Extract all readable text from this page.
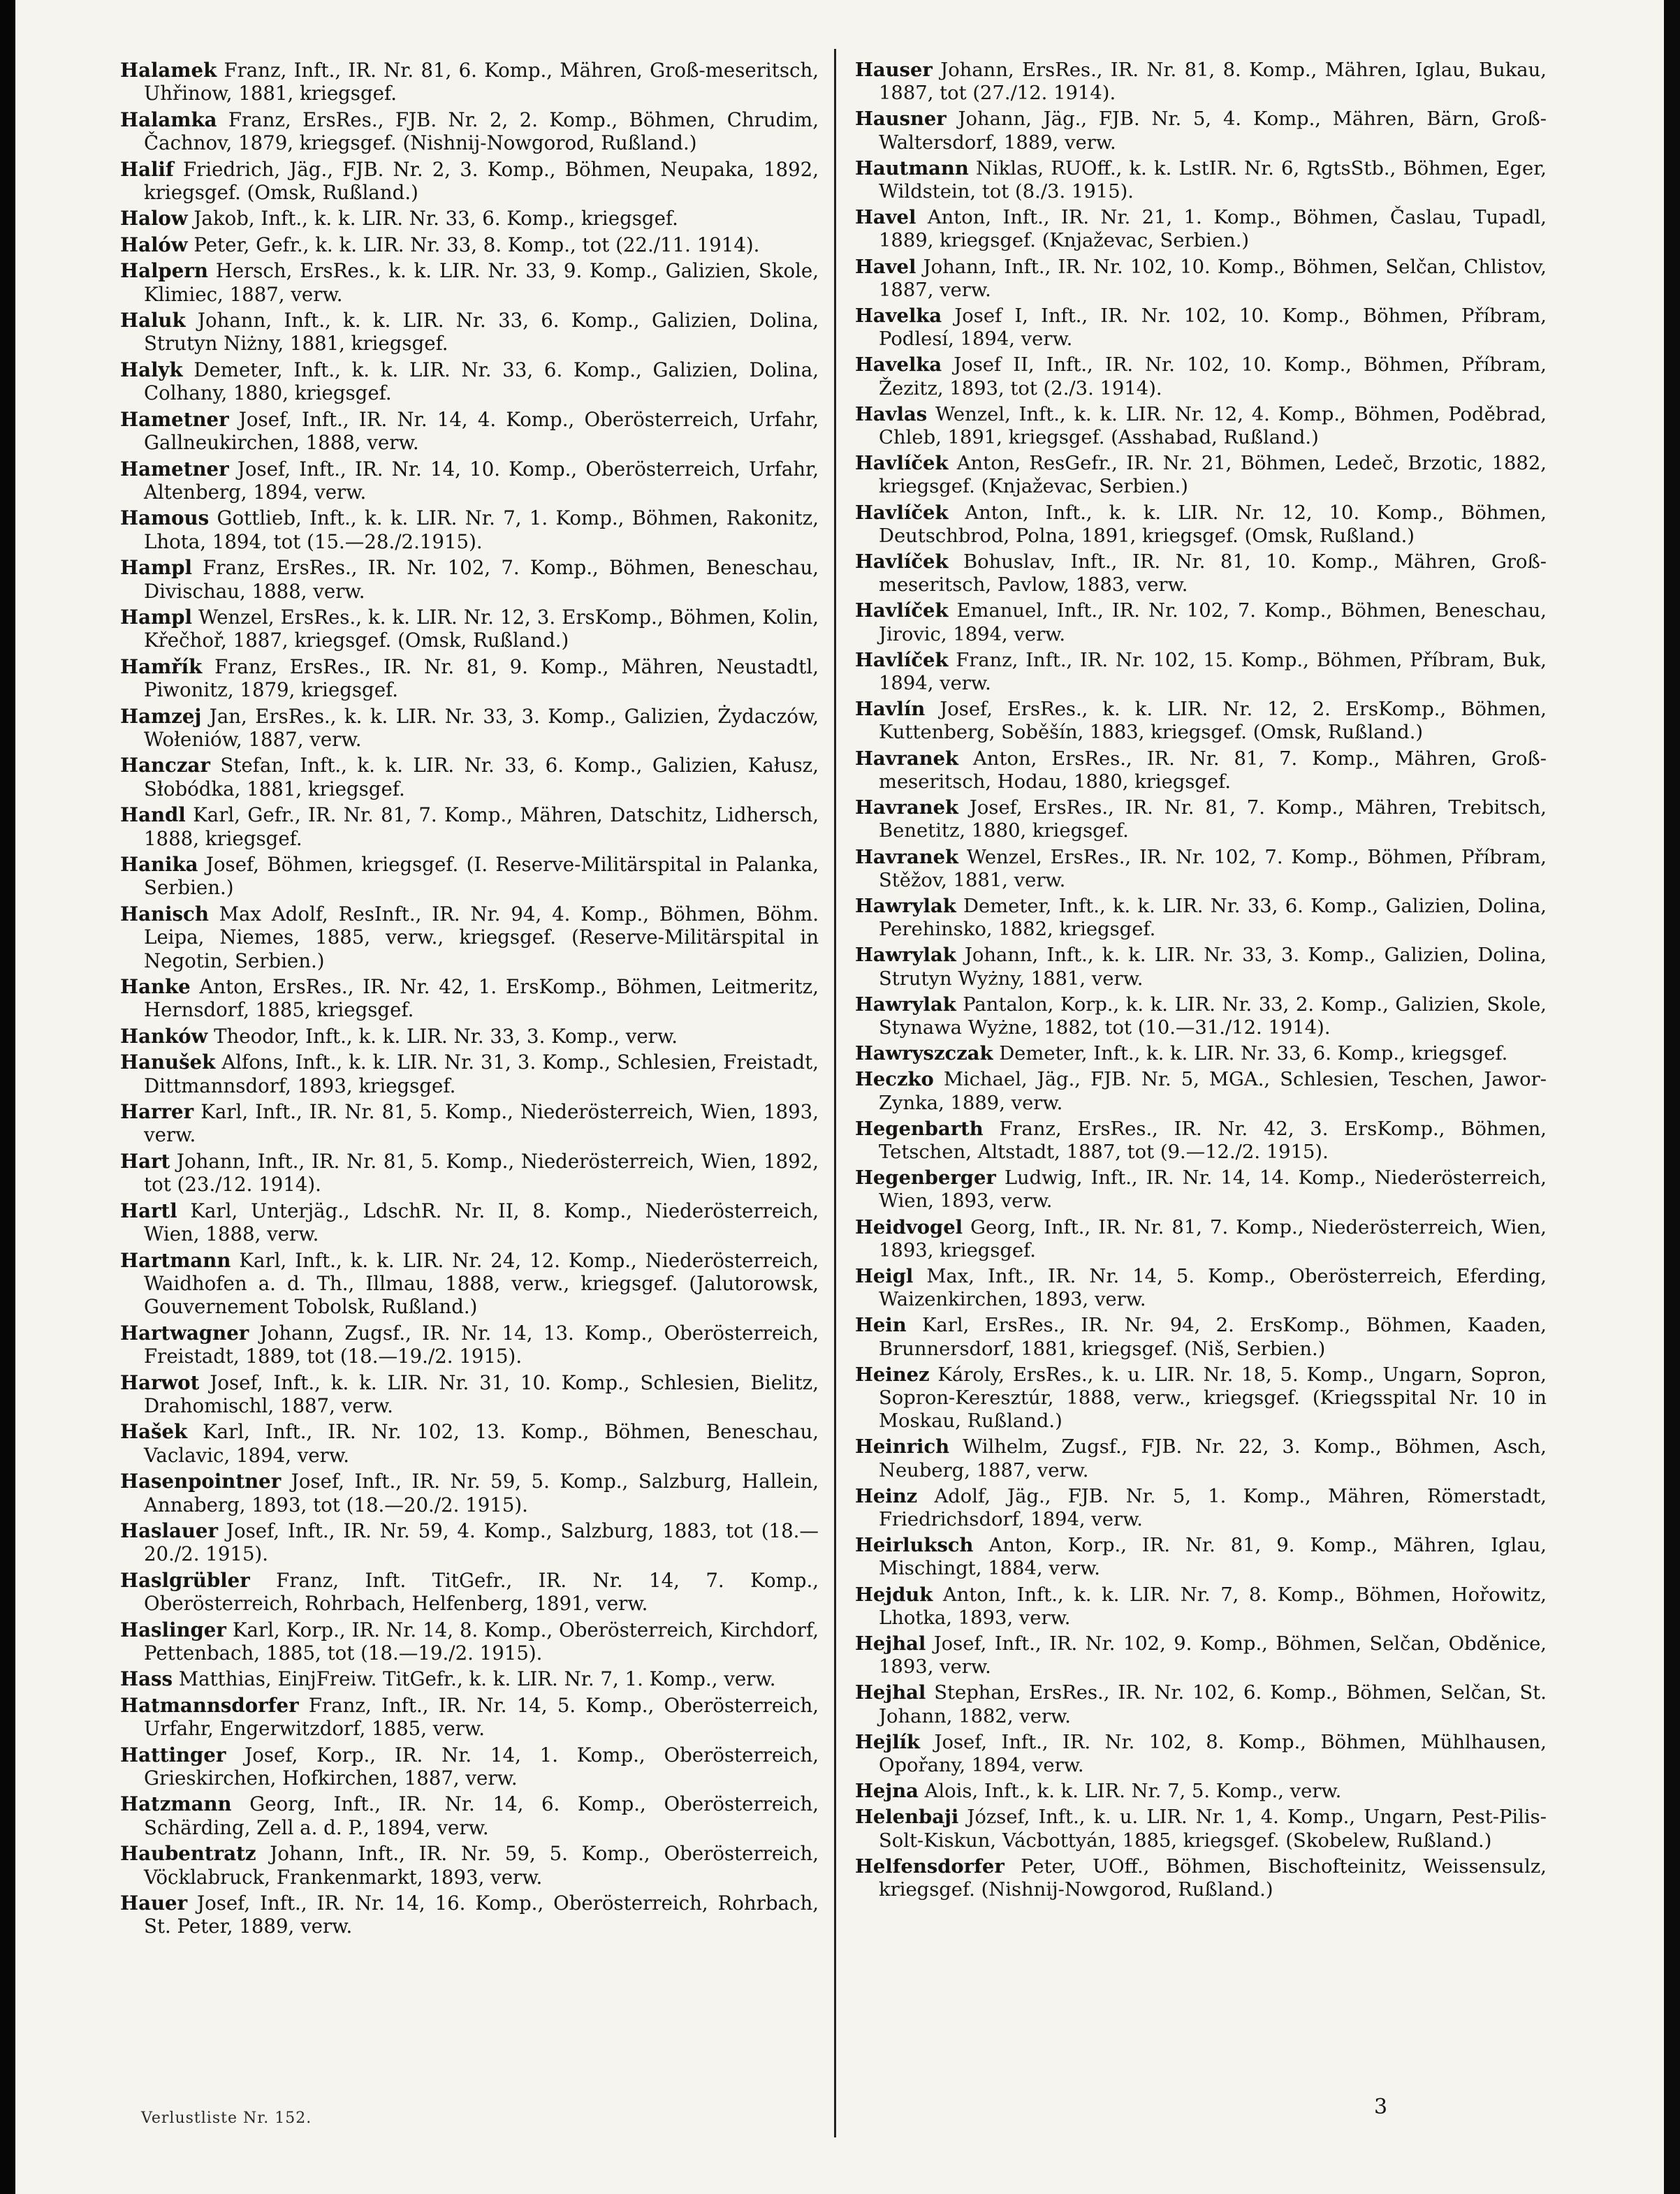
Halamek Franz, Inft., IR. Nr. 81, 6. Komp., Mähren, Groß-meseritsch, Uhřinow, 1881, kriegsgef.

Halamka Franz, ErsRes., FJB. Nr. 2, 2. Komp., Böhmen, Chrudim, Čachnov, 1879, kriegsgef. (Nishnij-Nowgorod, Rußland.)

Halif Friedrich, Jäg., FJB. Nr. 2, 3. Komp., Böhmen, Neupaka, 1892, kriegsgef. (Omsk, Rußland.)

Halow Jakob, Inft., k. k. LIR. Nr. 33, 6. Komp., kriegsgef.

Halów Peter, Gefr., k. k. LIR. Nr. 33, 8. Komp., tot (22./11. 1914).

Halpern Hersch, ErsRes., k. k. LIR. Nr. 33, 9. Komp., Galizien, Skole, Klimiec, 1887, verw.

Haluk Johann, Inft., k. k. LIR. Nr. 33, 6. Komp., Galizien, Dolina, Strutyn Niżny, 1881, kriegsgef.

Halyk Demeter, Inft., k. k. LIR. Nr. 33, 6. Komp., Galizien, Dolina, Colhany, 1880, kriegsgef.

Hametner Josef, Inft., IR. Nr. 14, 4. Komp., Oberösterreich, Urfahr, Gallneukirchen, 1888, verw.

Hametner Josef, Inft., IR. Nr. 14, 10. Komp., Oberösterreich, Urfahr, Altenberg, 1894, verw.

Hamous Gottlieb, Inft., k. k. LIR. Nr. 7, 1. Komp., Böhmen, Rakonitz, Lhota, 1894, tot (15.—28./2.1915).

Hampl Franz, ErsRes., IR. Nr. 102, 7. Komp., Böhmen, Beneschau, Divischau, 1888, verw.

Hampl Wenzel, ErsRes., k. k. LIR. Nr. 12, 3. ErsKomp., Böhmen, Kolin, Křečhoř, 1887, kriegsgef. (Omsk, Rußland.)

Hamřík Franz, ErsRes., IR. Nr. 81, 9. Komp., Mähren, Neustadtl, Piwonitz, 1879, kriegsgef.

Hamzej Jan, ErsRes., k. k. LIR. Nr. 33, 3. Komp., Galizien, Żydaczów, Wołeniów, 1887, verw.

Hanczar Stefan, Inft., k. k. LIR. Nr. 33, 6. Komp., Galizien, Kałusz, Słobódka, 1881, kriegsgef.

Handl Karl, Gefr., IR. Nr. 81, 7. Komp., Mähren, Datschitz, Lidhersch, 1888, kriegsgef.

Hanika Josef, Böhmen, kriegsgef. (I. Reserve-Militärspital in Palanka, Serbien.)

Hanisch Max Adolf, ResInft., IR. Nr. 94, 4. Komp., Böhmen, Böhm. Leipa, Niemes, 1885, verw., kriegsgef. (Reserve-Militärspital in Negotin, Serbien.)

Hanke Anton, ErsRes., IR. Nr. 42, 1. ErsKomp., Böhmen, Leitmeritz, Hernsdorf, 1885, kriegsgef.

Hanków Theodor, Inft., k. k. LIR. Nr. 33, 3. Komp., verw.

Hanušek Alfons, Inft., k. k. LIR. Nr. 31, 3. Komp., Schlesien, Freistadt, Dittmannsdorf, 1893, kriegsgef.

Harrer Karl, Inft., IR. Nr. 81, 5. Komp., Niederösterreich, Wien, 1893, verw.

Hart Johann, Inft., IR. Nr. 81, 5. Komp., Niederösterreich, Wien, 1892, tot (23./12. 1914).

Hartl Karl, Unterjäg., LdschR. Nr. II, 8. Komp., Niederösterreich, Wien, 1888, verw.

Hartmann Karl, Inft., k. k. LIR. Nr. 24, 12. Komp., Niederösterreich, Waidhofen a. d. Th., Illmau, 1888, verw., kriegsgef. (Jalutorowsk, Gouvernement Tobolsk, Rußland.)

Hartwagner Johann, Zugsf., IR. Nr. 14, 13. Komp., Oberösterreich, Freistadt, 1889, tot (18.—19./2. 1915).

Harwot Josef, Inft., k. k. LIR. Nr. 31, 10. Komp., Schlesien, Bielitz, Drahomischl, 1887, verw.

Hašek Karl, Inft., IR. Nr. 102, 13. Komp., Böhmen, Beneschau, Vaclavic, 1894, verw.

Hasenpointner Josef, Inft., IR. Nr. 59, 5. Komp., Salzburg, Hallein, Annaberg, 1893, tot (18.—20./2. 1915).

Haslauer Josef, Inft., IR. Nr. 59, 4. Komp., Salzburg, 1883, tot (18.—20./2. 1915).

Haslgrübler Franz, Inft. TitGefr., IR. Nr. 14, 7. Komp., Oberösterreich, Rohrbach, Helfenberg, 1891, verw.

Haslinger Karl, Korp., IR. Nr. 14, 8. Komp., Oberösterreich, Kirchdorf, Pettenbach, 1885, tot (18.—19./2. 1915).

Hass Matthias, EinjFreiw. TitGefr., k. k. LIR. Nr. 7, 1. Komp., verw.

Hatmannsdorfer Franz, Inft., IR. Nr. 14, 5. Komp., Oberösterreich, Urfahr, Engerwitzdorf, 1885, verw.

Hattinger Josef, Korp., IR. Nr. 14, 1. Komp., Oberösterreich, Grieskirchen, Hofkirchen, 1887, verw.

Hatzmann Georg, Inft., IR. Nr. 14, 6. Komp., Oberösterreich, Schärding, Zell a. d. P., 1894, verw.

Haubentratz Johann, Inft., IR. Nr. 59, 5. Komp., Oberösterreich, Vöcklabruck, Frankenmarkt, 1893, verw.

Hauer Josef, Inft., IR. Nr. 14, 16. Komp., Oberösterreich, Rohrbach, St. Peter, 1889, verw.

Hauser Johann, ErsRes., IR. Nr. 81, 8. Komp., Mähren, Iglau, Bukau, 1887, tot (27./12. 1914).

Hausner Johann, Jäg., FJB. Nr. 5, 4. Komp., Mähren, Bärn, Groß-Waltersdorf, 1889, verw.

Hautmann Niklas, RUOff., k. k. LstIR. Nr. 6, RgtsStb., Böhmen, Eger, Wildstein, tot (8./3. 1915).

Havel Anton, Inft., IR. Nr. 21, 1. Komp., Böhmen, Časlau, Tupadl, 1889, kriegsgef. (Knjaževac, Serbien.)

Havel Johann, Inft., IR. Nr. 102, 10. Komp., Böhmen, Selčan, Chlistov, 1887, verw.

Havelka Josef I, Inft., IR. Nr. 102, 10. Komp., Böhmen, Příbram, Podlesí, 1894, verw.

Havelka Josef II, Inft., IR. Nr. 102, 10. Komp., Böhmen, Příbram, Žezitz, 1893, tot (2./3. 1914).

Havlas Wenzel, Inft., k. k. LIR. Nr. 12, 4. Komp., Böhmen, Poděbrad, Chleb, 1891, kriegsgef. (Asshabad, Rußland.)

Havlíček Anton, ResGefr., IR. Nr. 21, Böhmen, Ledeč, Brzotic, 1882, kriegsgef. (Knjaževac, Serbien.)

Havlíček Anton, Inft., k. k. LIR. Nr. 12, 10. Komp., Böhmen, Deutschbrod, Polna, 1891, kriegsgef. (Omsk, Rußland.)

Havlíček Bohuslav, Inft., IR. Nr. 81, 10. Komp., Mähren, Groß-meseritsch, Pavlow, 1883, verw.

Havlíček Emanuel, Inft., IR. Nr. 102, 7. Komp., Böhmen, Beneschau, Jirovic, 1894, verw.

Havlíček Franz, Inft., IR. Nr. 102, 15. Komp., Böhmen, Příbram, Buk, 1894, verw.

Havlín Josef, ErsRes., k. k. LIR. Nr. 12, 2. ErsKomp., Böhmen, Kuttenberg, Soběšín, 1883, kriegsgef. (Omsk, Rußland.)

Havranek Anton, ErsRes., IR. Nr. 81, 7. Komp., Mähren, Groß-meseritsch, Hodau, 1880, kriegsgef.

Havranek Josef, ErsRes., IR. Nr. 81, 7. Komp., Mähren, Trebitsch, Benetitz, 1880, kriegsgef.

Havranek Wenzel, ErsRes., IR. Nr. 102, 7. Komp., Böhmen, Příbram, Stěžov, 1881, verw.

Hawrylak Demeter, Inft., k. k. LIR. Nr. 33, 6. Komp., Galizien, Dolina, Perehinsko, 1882, kriegsgef.

Hawrylak Johann, Inft., k. k. LIR. Nr. 33, 3. Komp., Galizien, Dolina, Strutyn Wyżny, 1881, verw.

Hawrylak Pantalon, Korp., k. k. LIR. Nr. 33, 2. Komp., Galizien, Skole, Stynawa Wyżne, 1882, tot (10.—31./12. 1914).

Hawryszczak Demeter, Inft., k. k. LIR. Nr. 33, 6. Komp., kriegsgef.

Heczko Michael, Jäg., FJB. Nr. 5, MGA., Schlesien, Teschen, Jawor-Zynka, 1889, verw.

Hegenbarth Franz, ErsRes., IR. Nr. 42, 3. ErsKomp., Böhmen, Tetschen, Altstadt, 1887, tot (9.—12./2. 1915).

Hegenberger Ludwig, Inft., IR. Nr. 14, 14. Komp., Niederösterreich, Wien, 1893, verw.

Heidvogel Georg, Inft., IR. Nr. 81, 7. Komp., Niederösterreich, Wien, 1893, kriegsgef.

Heigl Max, Inft., IR. Nr. 14, 5. Komp., Oberösterreich, Eferding, Waizenkirchen, 1893, verw.

Hein Karl, ErsRes., IR. Nr. 94, 2. ErsKomp., Böhmen, Kaaden, Brunnersdorf, 1881, kriegsgef. (Niš, Serbien.)

Heinez Károly, ErsRes., k. u. LIR. Nr. 18, 5. Komp., Ungarn, Sopron, Sopron-Keresztúr, 1888, verw., kriegsgef. (Kriegsspital Nr. 10 in Moskau, Rußland.)

Heinrich Wilhelm, Zugsf., FJB. Nr. 22, 3. Komp., Böhmen, Asch, Neuberg, 1887, verw.

Heinz Adolf, Jäg., FJB. Nr. 5, 1. Komp., Mähren, Römerstadt, Friedrichsdorf, 1894, verw.

Heirluksch Anton, Korp., IR. Nr. 81, 9. Komp., Mähren, Iglau, Mischingt, 1884, verw.

Hejduk Anton, Inft., k. k. LIR. Nr. 7, 8. Komp., Böhmen, Hořowitz, Lhotka, 1893, verw.

Hejhal Josef, Inft., IR. Nr. 102, 9. Komp., Böhmen, Selčan, Obděnice, 1893, verw.

Hejhal Stephan, ErsRes., IR. Nr. 102, 6. Komp., Böhmen, Selčan, St. Johann, 1882, verw.

Hejlík Josef, Inft., IR. Nr. 102, 8. Komp., Böhmen, Mühlhausen, Opořany, 1894, verw.

Hejna Alois, Inft., k. k. LIR. Nr. 7, 5. Komp., verw.

Helenbaji József, Inft., k. u. LIR. Nr. 1, 4. Komp., Ungarn, Pest-Pilis-Solt-Kiskun, Vácbottyán, 1885, kriegsgef. (Skobelew, Rußland.)

Helfensdorfer Peter, UOff., Böhmen, Bischofteinitz, Weissensulz, kriegsgef. (Nishnij-Nowgorod, Rußland.)

Verlustliste Nr. 152.	3
